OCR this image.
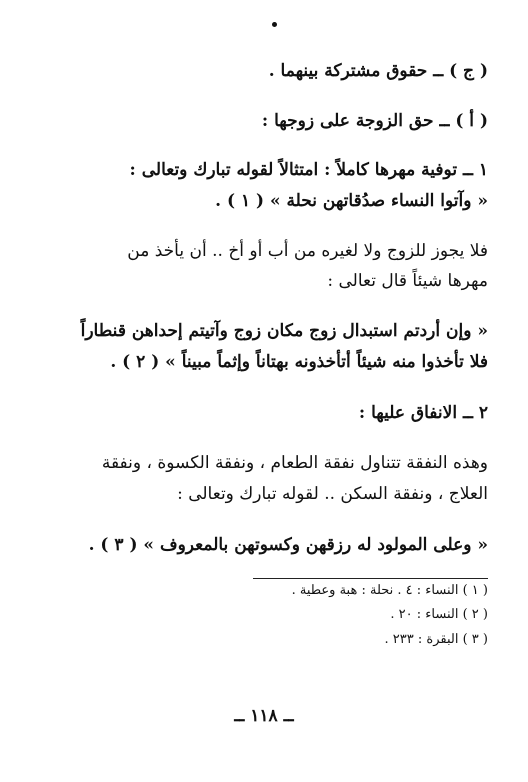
( ج ) ــ حقوق مشتركة بينهما .
( أ ) ــ حق الزوجة على زوجها :
١ ــ توفية مهرها كاملاً : امتثالاً لقوله تبارك وتعالى :
« وآتوا النساء صدُقاتهن نحلة » ( ١ ) .
فلا يجوز للزوج ولا لغيره من أب أو أخ .. أن يأخذ من
مهرها شيئاً قال تعالى :
« وإن أردتم استبدال زوج مكان زوج وآتيتم إحداهن قنطاراً
فلا تأخذوا منه شيئاً أتأخذونه بهتاناً وإثماً مبيناً » ( ٢ ) .
٢ ــ الانفاق عليها :
وهذه النفقة تتناول نفقة الطعام ، ونفقة الكسوة ، ونفقة
العلاج ، ونفقة السكن .. لقوله تبارك وتعالى :
« وعلى المولود له رزقهن وكسوتهن بالمعروف » ( ٣ ) .
( ١ ) النساء : ٤ . نحلة : هبة وعطية .
( ٢ ) النساء : ٢٠ .
( ٣ ) البقرة : ٢٣٣ .
ــ ١١٨ ــ
